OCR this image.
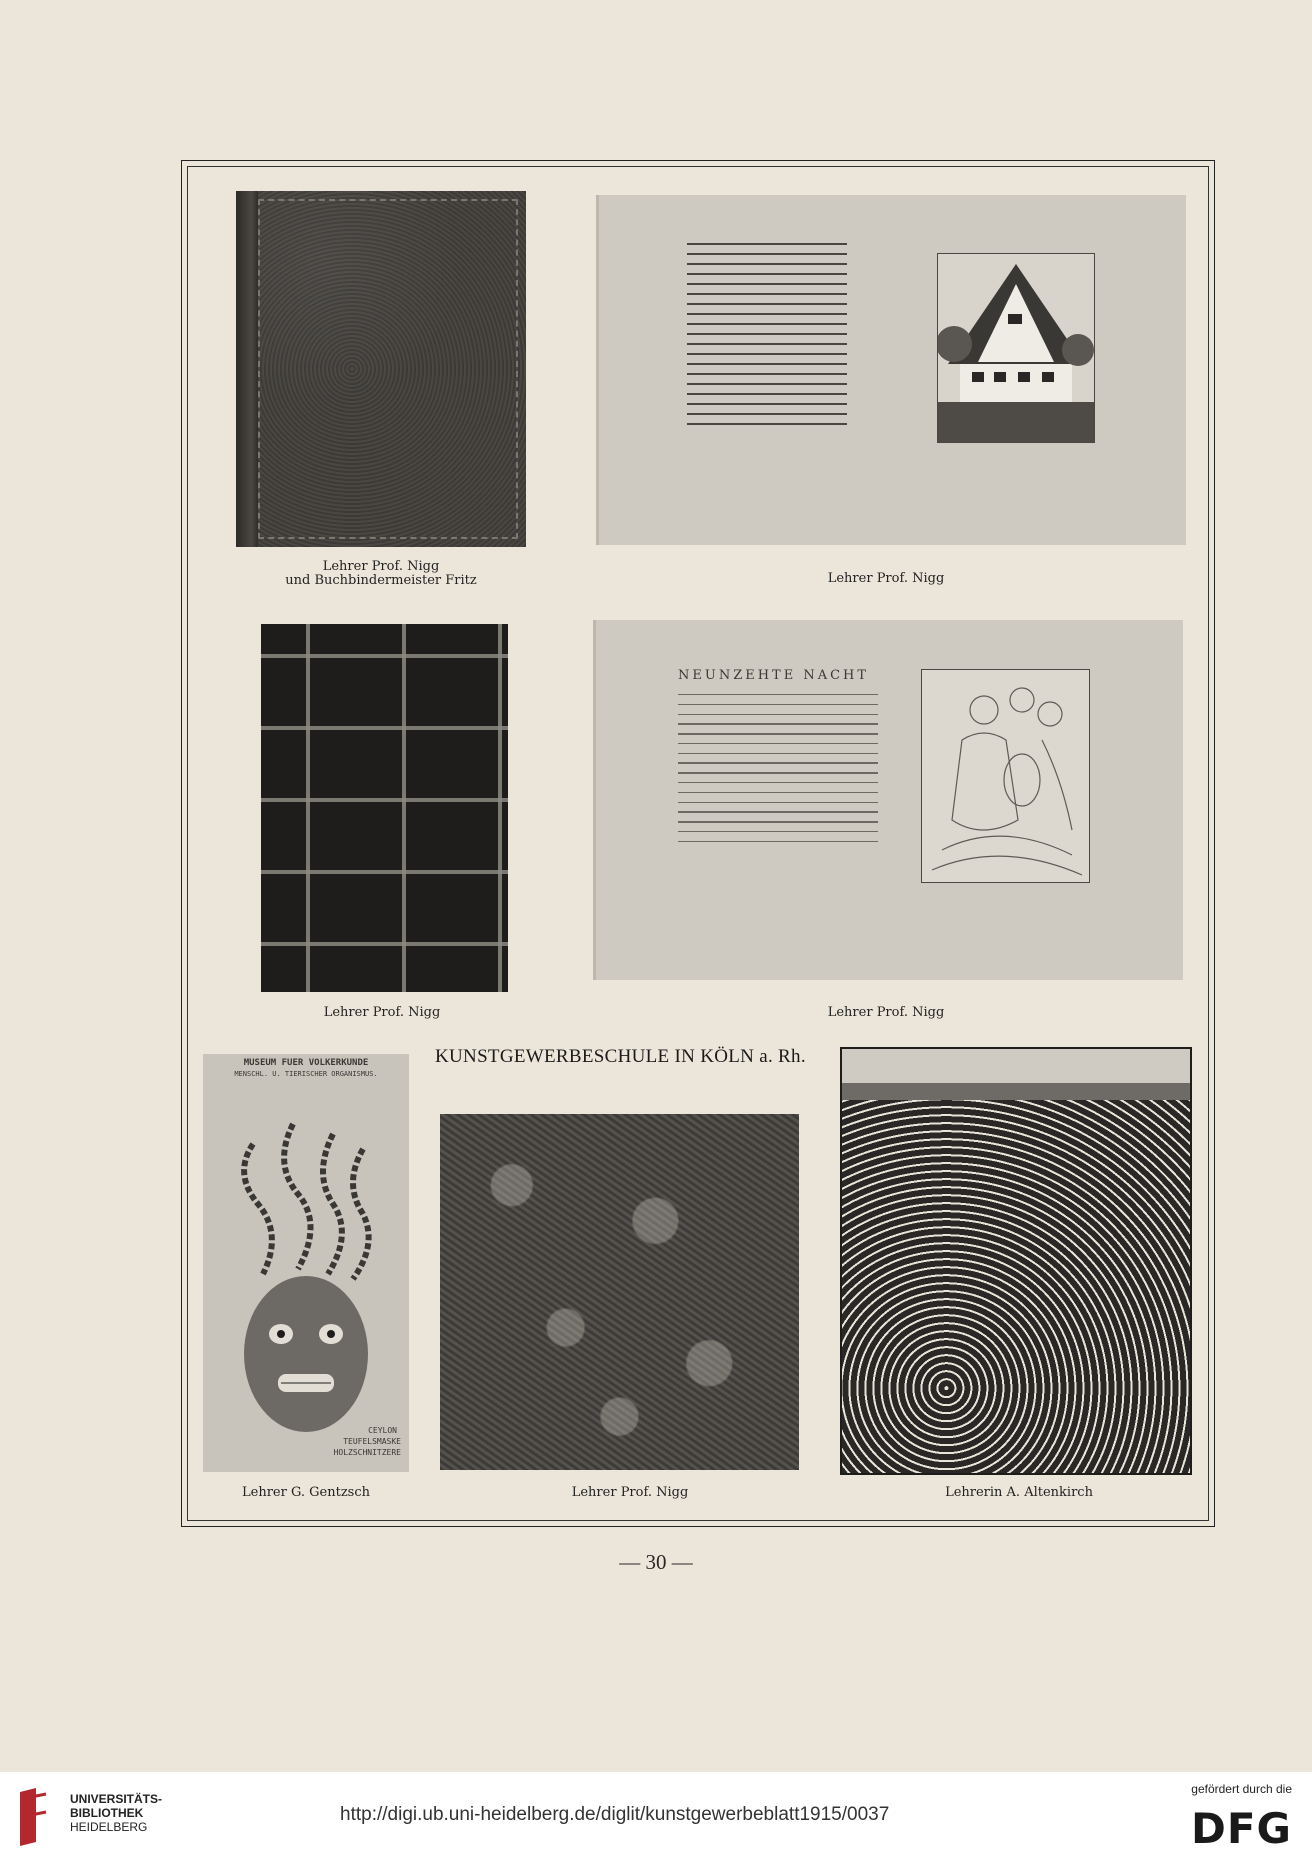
Lehrer Prof. Nigg
und Buchbindermeister Fritz	Lehrer Prof. Nigg
NEUNZEHTE NACHT
Lehrer Prof. Nigg	Lehrer Prof. Nigg
KUNSTGEWERBESCHULE IN KÖLN a. Rh.
MUSEUM FUER VOLKERKUNDE
MENSCHL. U. TIERISCHER ORGANISMUS.
CEYLON
TEUFELSMASKE
HOLZSCHNITZERE
Lehrer G. Gentzsch	Lehrer Prof. Nigg	Lehrerin A. Altenkirch
— 30 —
UNIVERSITÄTS-
BIBLIOTHEK
HEIDELBERG
http://digi.ub.uni-heidelberg.de/diglit/kunstgewerbeblatt1915/0037
gefördert durch die
DFG
